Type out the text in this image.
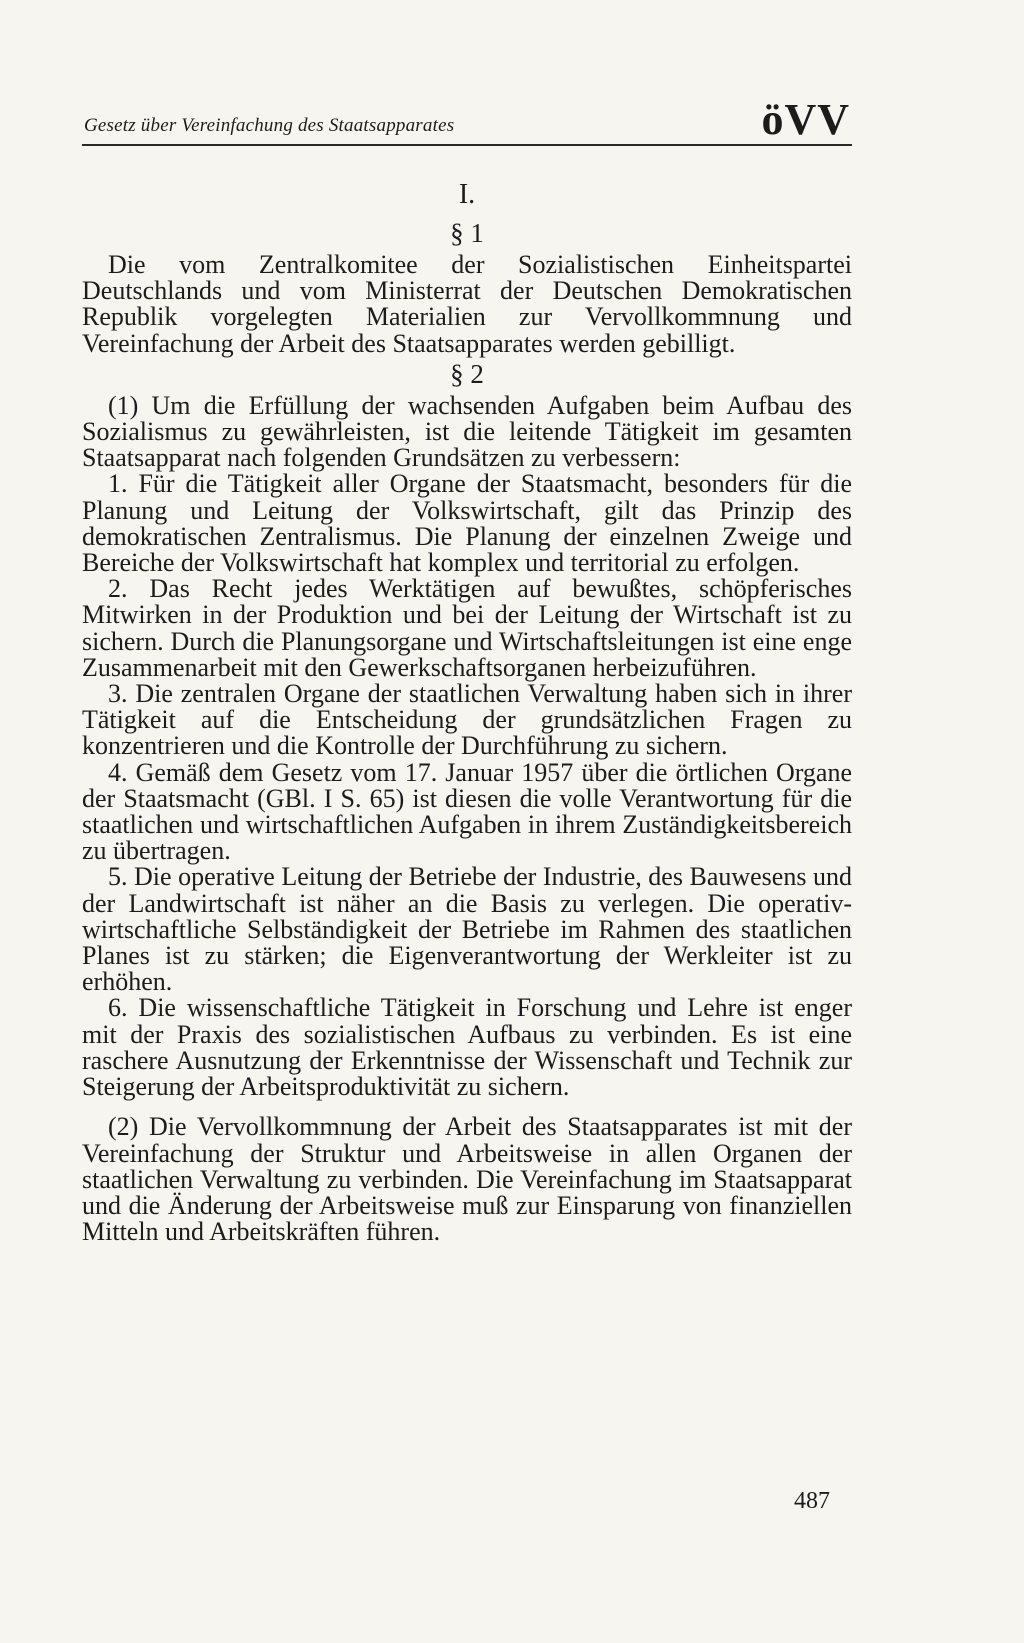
Gesetz über Vereinfachung des Staatsapparates	öVV
I.
§ 1

Die vom Zentralkomitee der Sozialistischen Einheitspartei Deutschlands und vom Ministerrat der Deutschen Demokratischen Republik vorgelegten Materialien zur Vervollkommnung und Vereinfachung der Arbeit des Staatsapparates werden gebilligt.

§ 2

(1) Um die Erfüllung der wachsenden Aufgaben beim Aufbau des Sozialismus zu gewährleisten, ist die leitende Tätigkeit im gesamten Staatsapparat nach folgenden Grundsätzen zu verbessern:

1. Für die Tätigkeit aller Organe der Staatsmacht, besonders für die Planung und Leitung der Volkswirtschaft, gilt das Prinzip des demokratischen Zentralismus. Die Planung der einzelnen Zweige und Bereiche der Volkswirtschaft hat komplex und territorial zu erfolgen.

2. Das Recht jedes Werktätigen auf bewußtes, schöpferisches Mitwirken in der Produktion und bei der Leitung der Wirtschaft ist zu sichern. Durch die Planungsorgane und Wirtschaftsleitungen ist eine enge Zusammenarbeit mit den Gewerkschaftsorganen herbeizuführen.

3. Die zentralen Organe der staatlichen Verwaltung haben sich in ihrer Tätigkeit auf die Entscheidung der grundsätzlichen Fragen zu konzentrieren und die Kontrolle der Durchführung zu sichern.

4. Gemäß dem Gesetz vom 17. Januar 1957 über die örtlichen Organe der Staatsmacht (GBl. I S. 65) ist diesen die volle Verantwortung für die staatlichen und wirtschaftlichen Aufgaben in ihrem Zuständigkeitsbereich zu übertragen.

5. Die operative Leitung der Betriebe der Industrie, des Bauwesens und der Landwirtschaft ist näher an die Basis zu verlegen. Die operativ-wirtschaftliche Selbständigkeit der Betriebe im Rahmen des staatlichen Planes ist zu stärken; die Eigenverantwortung der Werkleiter ist zu erhöhen.

6. Die wissenschaftliche Tätigkeit in Forschung und Lehre ist enger mit der Praxis des sozialistischen Aufbaus zu verbinden. Es ist eine raschere Ausnutzung der Erkenntnisse der Wissenschaft und Technik zur Steigerung der Arbeitsproduktivität zu sichern.

(2) Die Vervollkommnung der Arbeit des Staatsapparates ist mit der Vereinfachung der Struktur und Arbeitsweise in allen Organen der staatlichen Verwaltung zu verbinden. Die Vereinfachung im Staatsapparat und die Änderung der Arbeitsweise muß zur Einsparung von finanziellen Mitteln und Arbeitskräften führen.

487
